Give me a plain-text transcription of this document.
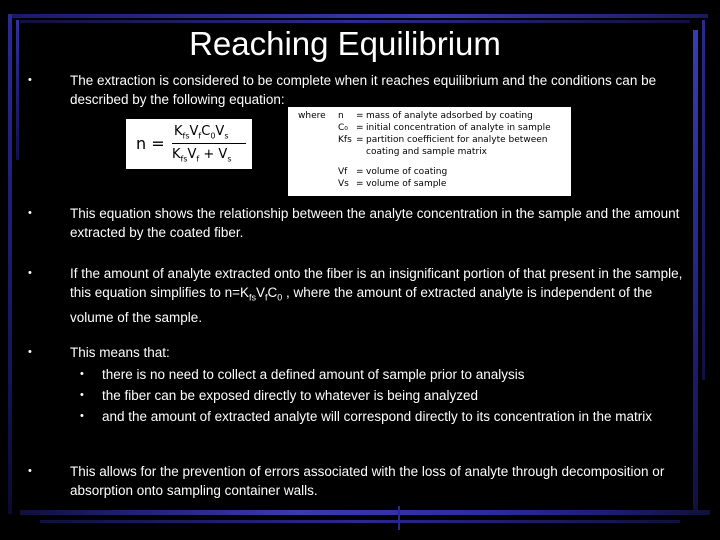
Reaching Equilibrium
•	The extraction is considered to be complete when it reaches equilibrium and the conditions can be described by the following equation:
n =
$K_{fs}V_fC_0V_s$
$K_{fs}V_f + V_s$
where	n	= mass of analyte adsorbed by coating
C₀ = initial concentration of analyte in sample
Kfs = partition coefficient for analyte between
coating and sample matrix
Vf = volume of coating
Vs = volume of sample
•	This equation shows the relationship between the analyte concentration in the sample and the amount extracted by the coated fiber.
•	If the amount of analyte extracted onto the fiber is an insignificant portion of that present in the sample, this equation simplifies to $n=K_{fs}V_fC_0$ , where the amount of extracted analyte is independent of the volume of the sample.
•	This means that:
• there is no need to collect a defined amount of sample prior to analysis
• the fiber can be exposed directly to whatever is being analyzed
• and the amount of extracted analyte will correspond directly to its concentration in the matrix
•	This allows for the prevention of errors associated with the loss of analyte through decomposition or absorption onto sampling container walls.
